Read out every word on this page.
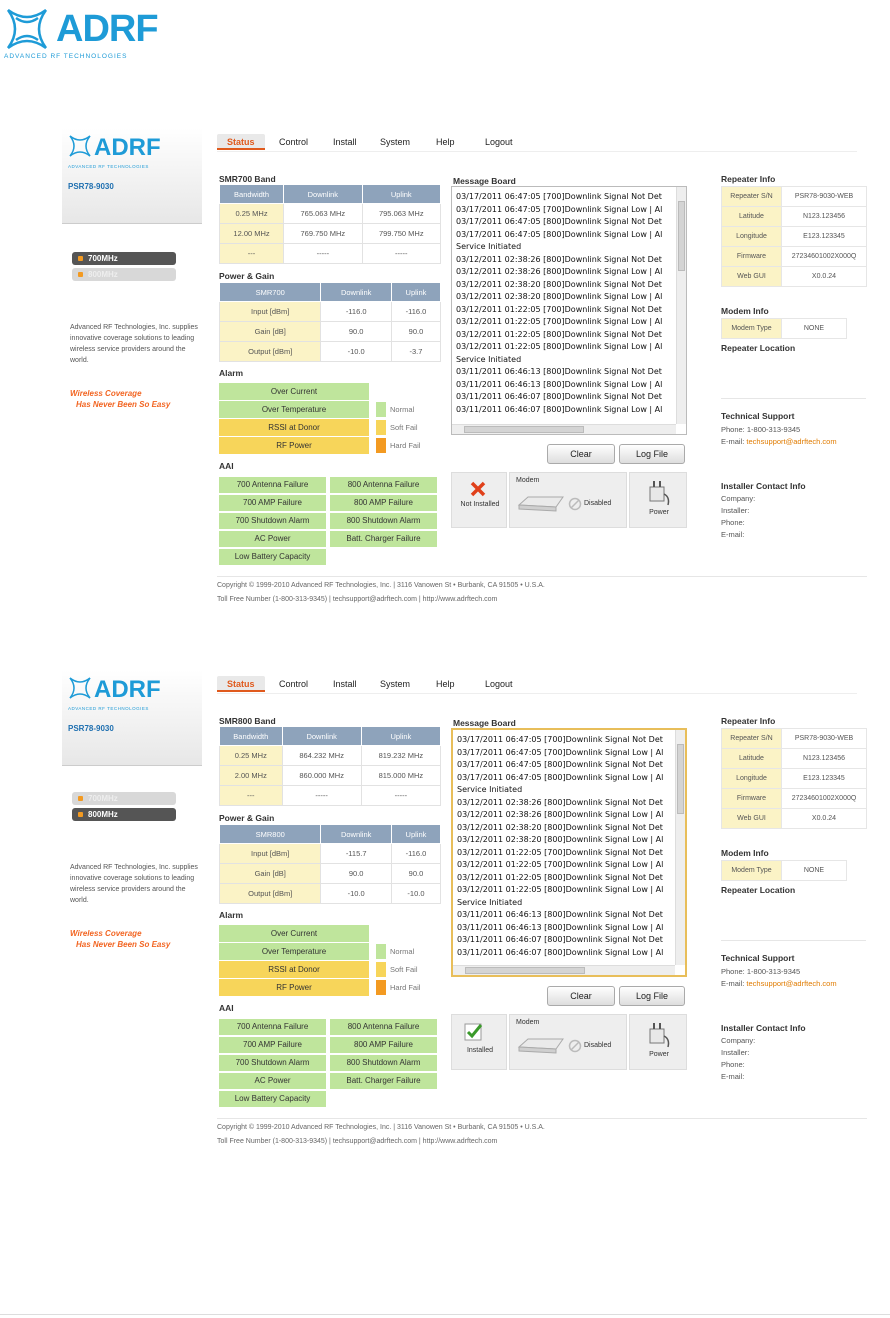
ADRF
ADVANCED RF TECHNOLOGIES
ADRF
ADVANCED RF TECHNOLOGIES
PSR78-9030
700MHz
800MHz
Advanced RF Technologies, Inc. supplies innovative coverage solutions to leading wireless service providers around the world.
Wireless Coverage
Has Never Been So Easy
Status	Control	Install	System	Help	Logout
SMR700 Band
Bandwidth	Downlink	Uplink
0.25 MHz	765.063 MHz	795.063 MHz
12.00 MHz	769.750 MHz	799.750 MHz
---	-----	-----
Power & Gain
SMR700	Downlink	Uplink
Input [dBm]	-116.0	-116.0
Gain [dB]	90.0	90.0
Output [dBm]	-10.0	-3.7
Alarm
Over Current
Over Temperature
RSSI at Donor
RF Power
Normal
Soft Fail
Hard Fail
AAI
700 Antenna Failure	800 Antenna Failure
700 AMP Failure	800 AMP Failure
700 Shutdown Alarm	800 Shutdown Alarm
AC Power	Batt. Charger Failure
Low Battery Capacity
Message Board
03/17/2011 06:47:05 [700]Downlink Signal Not Det
03/17/2011 06:47:05 [700]Downlink Signal Low | Al
03/17/2011 06:47:05 [800]Downlink Signal Not Det
03/17/2011 06:47:05 [800]Downlink Signal Low | Al
Service Initiated
03/12/2011 02:38:26 [800]Downlink Signal Not Det
03/12/2011 02:38:26 [800]Downlink Signal Low | Al
03/12/2011 02:38:20 [800]Downlink Signal Not Det
03/12/2011 02:38:20 [800]Downlink Signal Low | Al
03/12/2011 01:22:05 [700]Downlink Signal Not Det
03/12/2011 01:22:05 [700]Downlink Signal Low | Al
03/12/2011 01:22:05 [800]Downlink Signal Not Det
03/12/2011 01:22:05 [800]Downlink Signal Low | Al
Service Initiated
03/11/2011 06:46:13 [800]Downlink Signal Not Det
03/11/2011 06:46:13 [800]Downlink Signal Low | Al
03/11/2011 06:46:07 [800]Downlink Signal Not Det
03/11/2011 06:46:07 [800]Downlink Signal Low | Al
Clear	Log File
Not Installed
Modem
Disabled
Power
Repeater Info
Repeater S/N	PSR78-9030-WEB
Latitude	N123.123456
Longitude	E123.123345
Firmware	27234601002X000Q
Web GUI	X0.0.24
Modem Info
Modem Type	NONE
Repeater Location
Technical Support
Phone: 1-800-313-9345
E-mail: techsupport@adrftech.com
Installer Contact Info
Company:
Installer:
Phone:
E-mail:
Copyright © 1999-2010 Advanced RF Technologies, Inc. | 3116 Vanowen St • Burbank, CA 91505 • U.S.A.
Toll Free Number (1-800-313-9345) | techsupport@adrftech.com | http://www.adrftech.com
ADRF
ADVANCED RF TECHNOLOGIES
PSR78-9030
700MHz
800MHz
Advanced RF Technologies, Inc. supplies innovative coverage solutions to leading wireless service providers around the world.
Wireless Coverage
Has Never Been So Easy
Status	Control	Install	System	Help	Logout
SMR800 Band
Bandwidth	Downlink	Uplink
0.25 MHz	864.232 MHz	819.232 MHz
2.00 MHz	860.000 MHz	815.000 MHz
---	-----	-----
Power & Gain
SMR800	Downlink	Uplink
Input [dBm]	-115.7	-116.0
Gain [dB]	90.0	90.0
Output [dBm]	-10.0	-10.0
Alarm
Over Current
Over Temperature
RSSI at Donor
RF Power
Normal
Soft Fail
Hard Fail
AAI
700 Antenna Failure	800 Antenna Failure
700 AMP Failure	800 AMP Failure
700 Shutdown Alarm	800 Shutdown Alarm
AC Power	Batt. Charger Failure
Low Battery Capacity
Message Board
03/17/2011 06:47:05 [700]Downlink Signal Not Det
03/17/2011 06:47:05 [700]Downlink Signal Low | Al
03/17/2011 06:47:05 [800]Downlink Signal Not Det
03/17/2011 06:47:05 [800]Downlink Signal Low | Al
Service Initiated
03/12/2011 02:38:26 [800]Downlink Signal Not Det
03/12/2011 02:38:26 [800]Downlink Signal Low | Al
03/12/2011 02:38:20 [800]Downlink Signal Not Det
03/12/2011 02:38:20 [800]Downlink Signal Low | Al
03/12/2011 01:22:05 [700]Downlink Signal Not Det
03/12/2011 01:22:05 [700]Downlink Signal Low | Al
03/12/2011 01:22:05 [800]Downlink Signal Not Det
03/12/2011 01:22:05 [800]Downlink Signal Low | Al
Service Initiated
03/11/2011 06:46:13 [800]Downlink Signal Not Det
03/11/2011 06:46:13 [800]Downlink Signal Low | Al
03/11/2011 06:46:07 [800]Downlink Signal Not Det
03/11/2011 06:46:07 [800]Downlink Signal Low | Al
Clear	Log File
Installed
Modem
Disabled
Power
Repeater Info
Repeater S/N	PSR78-9030-WEB
Latitude	N123.123456
Longitude	E123.123345
Firmware	27234601002X000Q
Web GUI	X0.0.24
Modem Info
Modem Type	NONE
Repeater Location
Technical Support
Phone: 1-800-313-9345
E-mail: techsupport@adrftech.com
Installer Contact Info
Company:
Installer:
Phone:
E-mail:
Copyright © 1999-2010 Advanced RF Technologies, Inc. | 3116 Vanowen St • Burbank, CA 91505 • U.S.A.
Toll Free Number (1-800-313-9345) | techsupport@adrftech.com | http://www.adrftech.com
